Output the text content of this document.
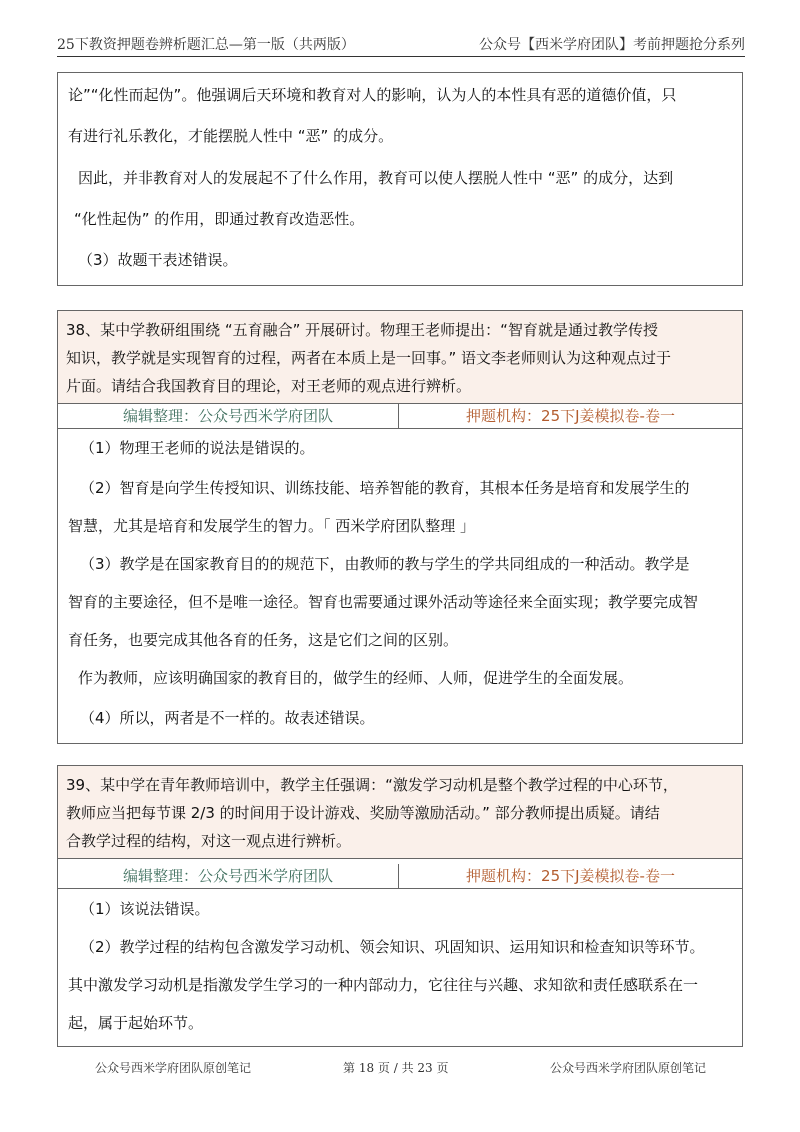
25下教资押题卷辨析题汇总—第一版（共两版）	公众号【西米学府团队】考前押题抢分系列
论”“化性而起伪”。他强调后天环境和教育对人的影响，认为人的本性具有恶的道德价值，只
有进行礼乐教化，才能摆脱人性中 “恶” 的成分。
因此，并非教育对人的发展起不了什么作用，教育可以使人摆脱人性中 “恶” 的成分，达到
“化性起伪” 的作用，即通过教育改造恶性。
（3）故题干表述错误。
38、某中学教研组围绕 “五育融合” 开展研讨。物理王老师提出：“智育就是通过教学传授
知识，教学就是实现智育的过程，两者在本质上是一回事。” 语文李老师则认为这种观点过于
片面。请结合我国教育目的理论，对王老师的观点进行辨析。
编辑整理：公众号西米学府团队	押题机构：25下J姜模拟卷-卷一
（1）物理王老师的说法是错误的。
（2）智育是向学生传授知识、训练技能、培养智能的教育，其根本任务是培育和发展学生的
智慧，尤其是培育和发展学生的智力。「 西米学府团队整理 」
（3）教学是在国家教育目的的规范下，由教师的教与学生的学共同组成的一种活动。教学是
智育的主要途径，但不是唯一途径。智育也需要通过课外活动等途径来全面实现；教学要完成智
育任务，也要完成其他各育的任务，这是它们之间的区别。
作为教师，应该明确国家的教育目的，做学生的经师、人师，促进学生的全面发展。
（4）所以，两者是不一样的。故表述错误。
39、某中学在青年教师培训中，教学主任强调：“激发学习动机是整个教学过程的中心环节，
教师应当把每节课 2/3 的时间用于设计游戏、奖励等激励活动。” 部分教师提出质疑。请结
合教学过程的结构，对这一观点进行辨析。
编辑整理：公众号西米学府团队	押题机构：25下J姜模拟卷-卷一
（1）该说法错误。
（2）教学过程的结构包含激发学习动机、领会知识、巩固知识、运用知识和检查知识等环节。
其中激发学习动机是指激发学生学习的一种内部动力，它往往与兴趣、求知欲和责任感联系在一
起，属于起始环节。
公众号西米学府团队原创笔记	第 18 页 / 共 23 页	公众号西米学府团队原创笔记
